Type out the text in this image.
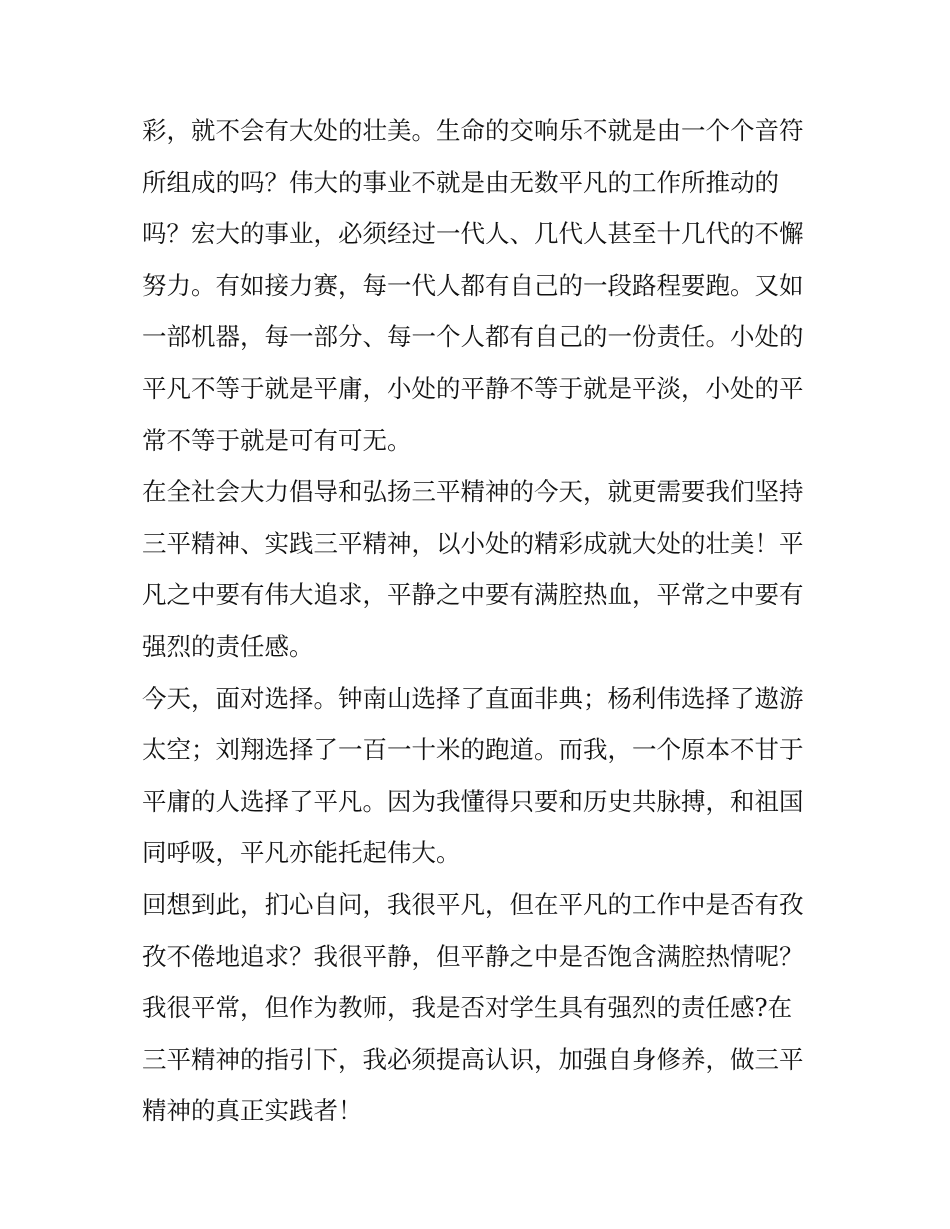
彩，就不会有大处的壮美。生命的交响乐不就是由一个个音符
所组成的吗？伟大的事业不就是由无数平凡的工作所推动的
吗？宏大的事业，必须经过一代人、几代人甚至十几代的不懈
努力。有如接力赛，每一代人都有自己的一段路程要跑。又如
一部机器，每一部分、每一个人都有自己的一份责任。小处的
平凡不等于就是平庸，小处的平静不等于就是平淡，小处的平
常不等于就是可有可无。
在全社会大力倡导和弘扬三平精神的今天，就更需要我们坚持
三平精神、实践三平精神，以小处的精彩成就大处的壮美！平
凡之中要有伟大追求，平静之中要有满腔热血，平常之中要有
强烈的责任感。
今天，面对选择。钟南山选择了直面非典；杨利伟选择了遨游
太空；刘翔选择了一百一十米的跑道。而我，一个原本不甘于
平庸的人选择了平凡。因为我懂得只要和历史共脉搏，和祖国
同呼吸，平凡亦能托起伟大。
回想到此，扪心自问，我很平凡，但在平凡的工作中是否有孜
孜不倦地追求？我很平静，但平静之中是否饱含满腔热情呢？
我很平常，但作为教师，我是否对学生具有强烈的责任感?在
三平精神的指引下，我必须提高认识，加强自身修养，做三平
精神的真正实践者！
